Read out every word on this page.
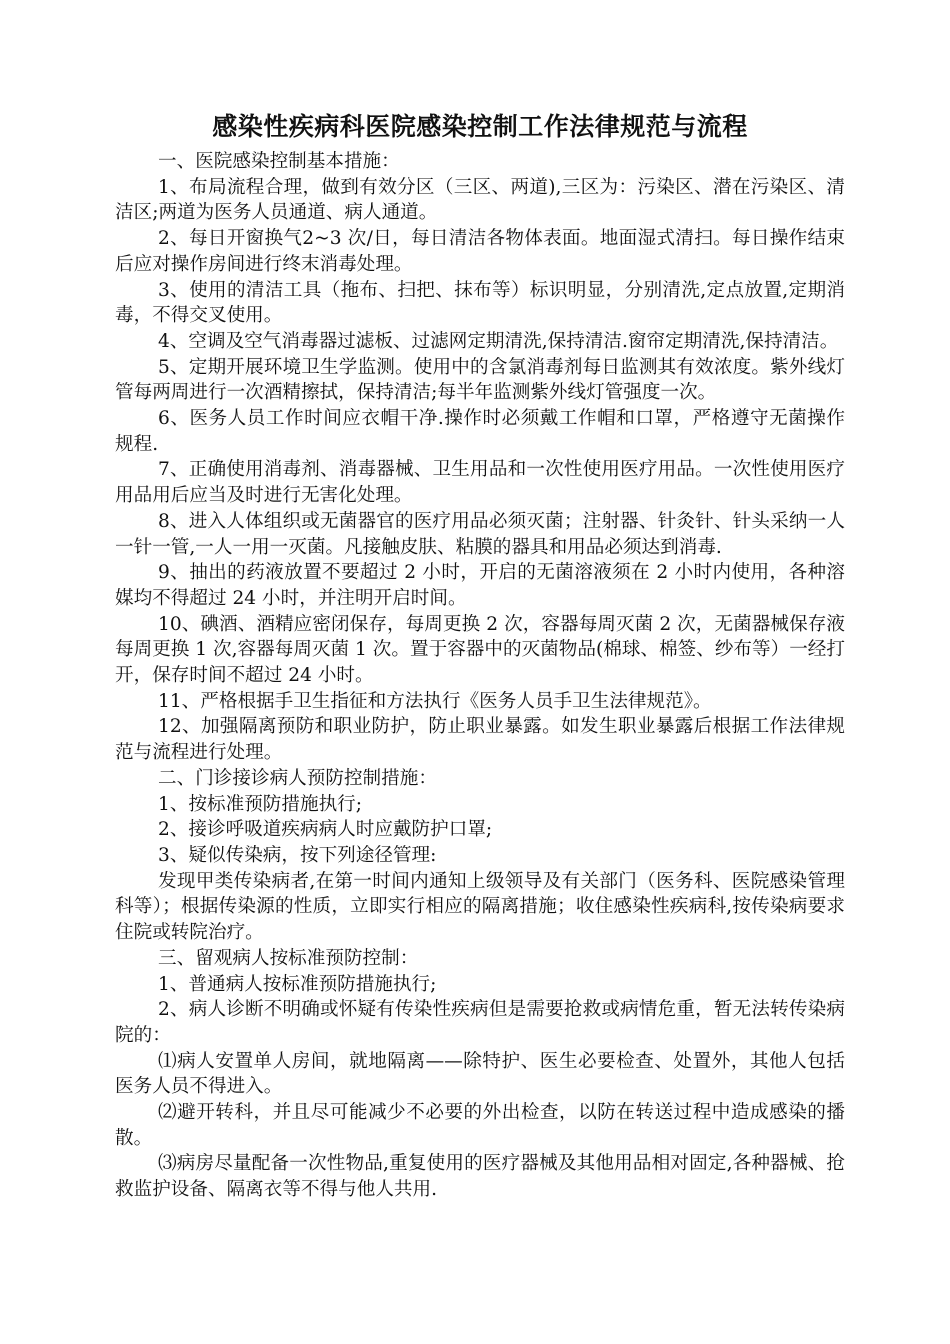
感染性疾病科医院感染控制工作法律规范与流程

一、医院感染控制基本措施：

1、布局流程合理，做到有效分区（三区、两道),三区为：污染区、潜在污染区、清洁区;两道为医务人员通道、病人通道。

2、每日开窗换气2~3 次/日，每日清洁各物体表面。地面湿式清扫。每日操作结束后应对操作房间进行终末消毒处理。

3、使用的清洁工具（拖布、扫把、抹布等）标识明显，分别清洗,定点放置,定期消毒，不得交叉使用。

4、空调及空气消毒器过滤板、过滤网定期清洗,保持清洁.窗帘定期清洗,保持清洁。

5、定期开展环境卫生学监测。使用中的含氯消毒剂每日监测其有效浓度。紫外线灯管每两周进行一次酒精擦拭，保持清洁;每半年监测紫外线灯管强度一次。

6、医务人员工作时间应衣帽干净.操作时必须戴工作帽和口罩，严格遵守无菌操作规程.

7、正确使用消毒剂、消毒器械、卫生用品和一次性使用医疗用品。一次性使用医疗用品用后应当及时进行无害化处理。

8、进入人体组织或无菌器官的医疗用品必须灭菌；注射器、针灸针、针头采纳一人一针一管,一人一用一灭菌。凡接触皮肤、粘膜的器具和用品必须达到消毒.

9、抽出的药液放置不要超过 2 小时，开启的无菌溶液须在 2 小时内使用，各种溶媒均不得超过 24 小时，并注明开启时间。

10、碘酒、酒精应密闭保存，每周更换 2 次，容器每周灭菌 2 次，无菌器械保存液每周更换 1 次,容器每周灭菌 1 次。置于容器中的灭菌物品(棉球、棉签、纱布等）一经打开，保存时间不超过 24 小时。

11、严格根据手卫生指征和方法执行《医务人员手卫生法律规范》。

12、加强隔离预防和职业防护，防止职业暴露。如发生职业暴露后根据工作法律规范与流程进行处理。

二、门诊接诊病人预防控制措施：

1、按标准预防措施执行;

2、接诊呼吸道疾病病人时应戴防护口罩;

3、疑似传染病，按下列途径管理:

发现甲类传染病者,在第一时间内通知上级领导及有关部门（医务科、医院感染管理科等）；根据传染源的性质，立即实行相应的隔离措施；收住感染性疾病科,按传染病要求住院或转院治疗。

三、留观病人按标准预防控制：

1、普通病人按标准预防措施执行;

2、病人诊断不明确或怀疑有传染性疾病但是需要抢救或病情危重，暂无法转传染病院的：

⑴病人安置单人房间，就地隔离——除特护、医生必要检查、处置外，其他人包括医务人员不得进入。

⑵避开转科，并且尽可能减少不必要的外出检查，以防在转送过程中造成感染的播散。

⑶病房尽量配备一次性物品,重复使用的医疗器械及其他用品相对固定,各种器械、抢救监护设备、隔离衣等不得与他人共用.
